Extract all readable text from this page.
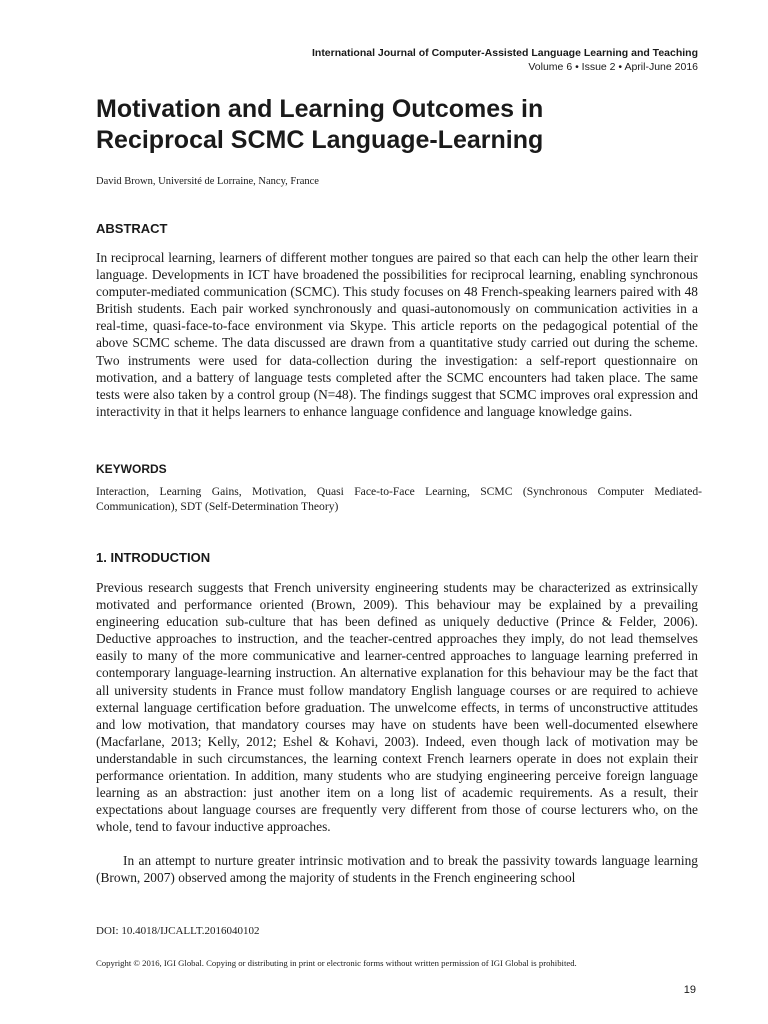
International Journal of Computer-Assisted Language Learning and Teaching
Volume 6 • Issue 2 • April-June 2016
Motivation and Learning Outcomes in
Reciprocal SCMC Language-Learning
David Brown, Université de Lorraine, Nancy, France
ABSTRACT

In reciprocal learning, learners of different mother tongues are paired so that each can help the other learn their language. Developments in ICT have broadened the possibilities for reciprocal learning, enabling synchronous computer-mediated communication (SCMC). This study focuses on 48 French-speaking learners paired with 48 British students. Each pair worked synchronously and quasi-autonomously on communication activities in a real-time, quasi-face-to-face environment via Skype. This article reports on the pedagogical potential of the above SCMC scheme. The data discussed are drawn from a quantitative study carried out during the scheme. Two instruments were used for data-collection during the investigation: a self-report questionnaire on motivation, and a battery of language tests completed after the SCMC encounters had taken place. The same tests were also taken by a control group (N=48). The findings suggest that SCMC improves oral expression and interactivity in that it helps learners to enhance language confidence and language knowledge gains.

KEYWORDS

Interaction, Learning Gains, Motivation, Quasi Face-to-Face Learning, SCMC (Synchronous Computer Mediated-Communication), SDT (Self-Determination Theory)

1. INTRODUCTION

Previous research suggests that French university engineering students may be characterized as extrinsically motivated and performance oriented (Brown, 2009). This behaviour may be explained by a prevailing engineering education sub-culture that has been defined as uniquely deductive (Prince & Felder, 2006). Deductive approaches to instruction, and the teacher-centred approaches they imply, do not lead themselves easily to many of the more communicative and learner-centred approaches to language learning preferred in contemporary language-learning instruction. An alternative explanation for this behaviour may be the fact that all university students in France must follow mandatory English language courses or are required to achieve external language certification before graduation. The unwelcome effects, in terms of unconstructive attitudes and low motivation, that mandatory courses may have on students have been well-documented elsewhere (Macfarlane, 2013; Kelly, 2012; Eshel & Kohavi, 2003). Indeed, even though lack of motivation may be understandable in such circumstances, the learning context French learners operate in does not explain their performance orientation. In addition, many students who are studying engineering perceive foreign language learning as an abstraction: just another item on a long list of academic requirements. As a result, their expectations about language courses are frequently very different from those of course lecturers who, on the whole, tend to favour inductive approaches.

In an attempt to nurture greater intrinsic motivation and to break the passivity towards language learning (Brown, 2007) observed among the majority of students in the French engineering school

DOI: 10.4018/IJCALLT.2016040102
Copyright © 2016, IGI Global. Copying or distributing in print or electronic forms without written permission of IGI Global is prohibited.
19
